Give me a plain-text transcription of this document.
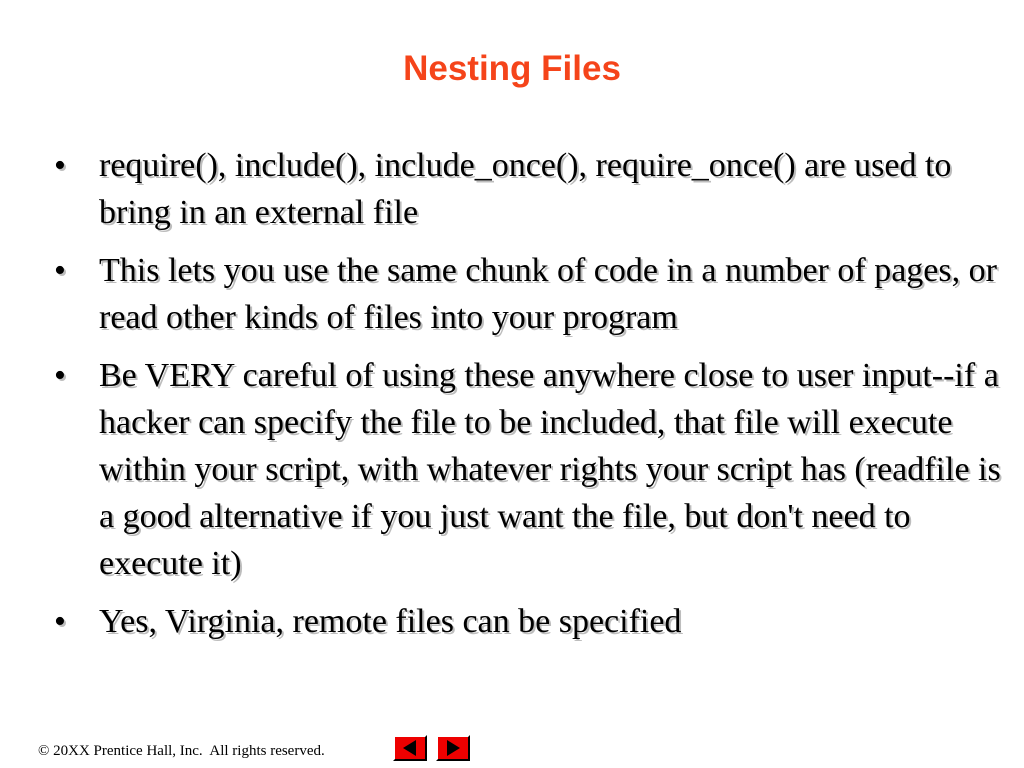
Nesting Files
• require(), include(), include_once(), require_once() are used to bring in an external file
• This lets you use the same chunk of code in a number of pages, or read other kinds of files into your program
• Be VERY careful of using these anywhere close to user input--if a hacker can specify the file to be included, that file will execute within your script, with whatever rights your script has (readfile is a good alternative if you just want the file, but don't need to execute it)
• Yes, Virginia, remote files can be specified
© 20XX Prentice Hall, Inc.  All rights reserved.
